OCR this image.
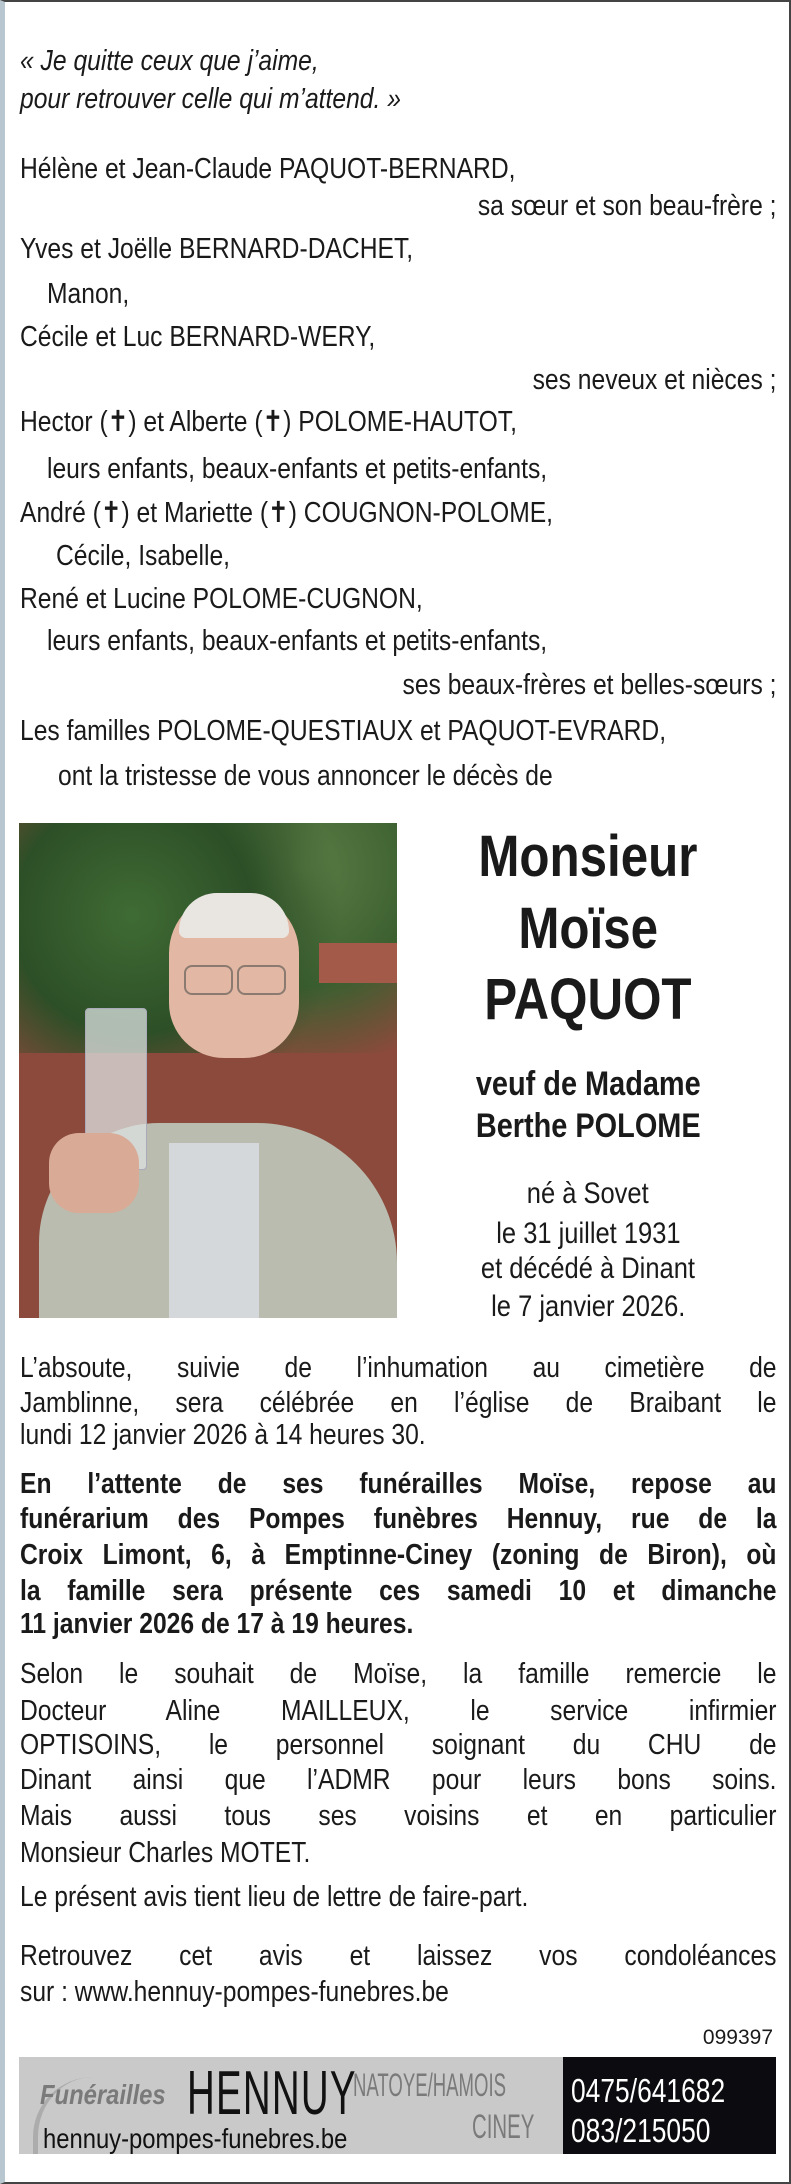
« Je quitte ceux que j’aime,
pour retrouver celle qui m’attend. »
Hélène et Jean-Claude PAQUOT-BERNARD,
sa sœur et son beau-frère ;
Yves et Joëlle BERNARD-DACHET,
Manon,
Cécile et Luc BERNARD-WERY,
ses neveux et nièces ;
Hector (✝) et Alberte (✝) POLOME-HAUTOT,
leurs enfants, beaux-enfants et petits-enfants,
André (✝) et Mariette (✝) COUGNON-POLOME,
Cécile, Isabelle,
René et Lucine POLOME-CUGNON,
leurs enfants, beaux-enfants et petits-enfants,
ses beaux-frères et belles-sœurs ;
Les familles POLOME-QUESTIAUX et PAQUOT-EVRARD,
ont la tristesse de vous annoncer le décès de
Monsieur
Moïse
PAQUOT
veuf de Madame
Berthe POLOME
né à Sovet
le 31 juillet 1931
et décédé à Dinant
le 7 janvier 2026.
L’absoute, suivie de l’inhumation au cimetière de
Jamblinne, sera célébrée en l’église de Braibant le
lundi 12 janvier 2026 à 14 heures 30.
En l’attente de ses funérailles Moïse, repose au
funérarium des Pompes funèbres Hennuy, rue de la
Croix Limont, 6, à Emptinne-Ciney (zoning de Biron), où
la famille sera présente ces samedi 10 et dimanche
11 janvier 2026 de 17 à 19 heures.
Selon le souhait de Moïse, la famille remercie le
Docteur Aline MAILLEUX, le service infirmier
OPTISOINS, le personnel soignant du CHU de
Dinant ainsi que l’ADMR pour leurs bons soins.
Mais aussi tous ses voisins et en particulier
Monsieur Charles MOTET.
Le présent avis tient lieu de lettre de faire-part.
Retrouvez cet avis et laissez vos condoléances
sur : www.hennuy-pompes-funebres.be
099397
Funérailles HENNUY
NATOYE/HAMOIS
CINEY
hennuy-pompes-funebres.be
0475/641682
083/215050
